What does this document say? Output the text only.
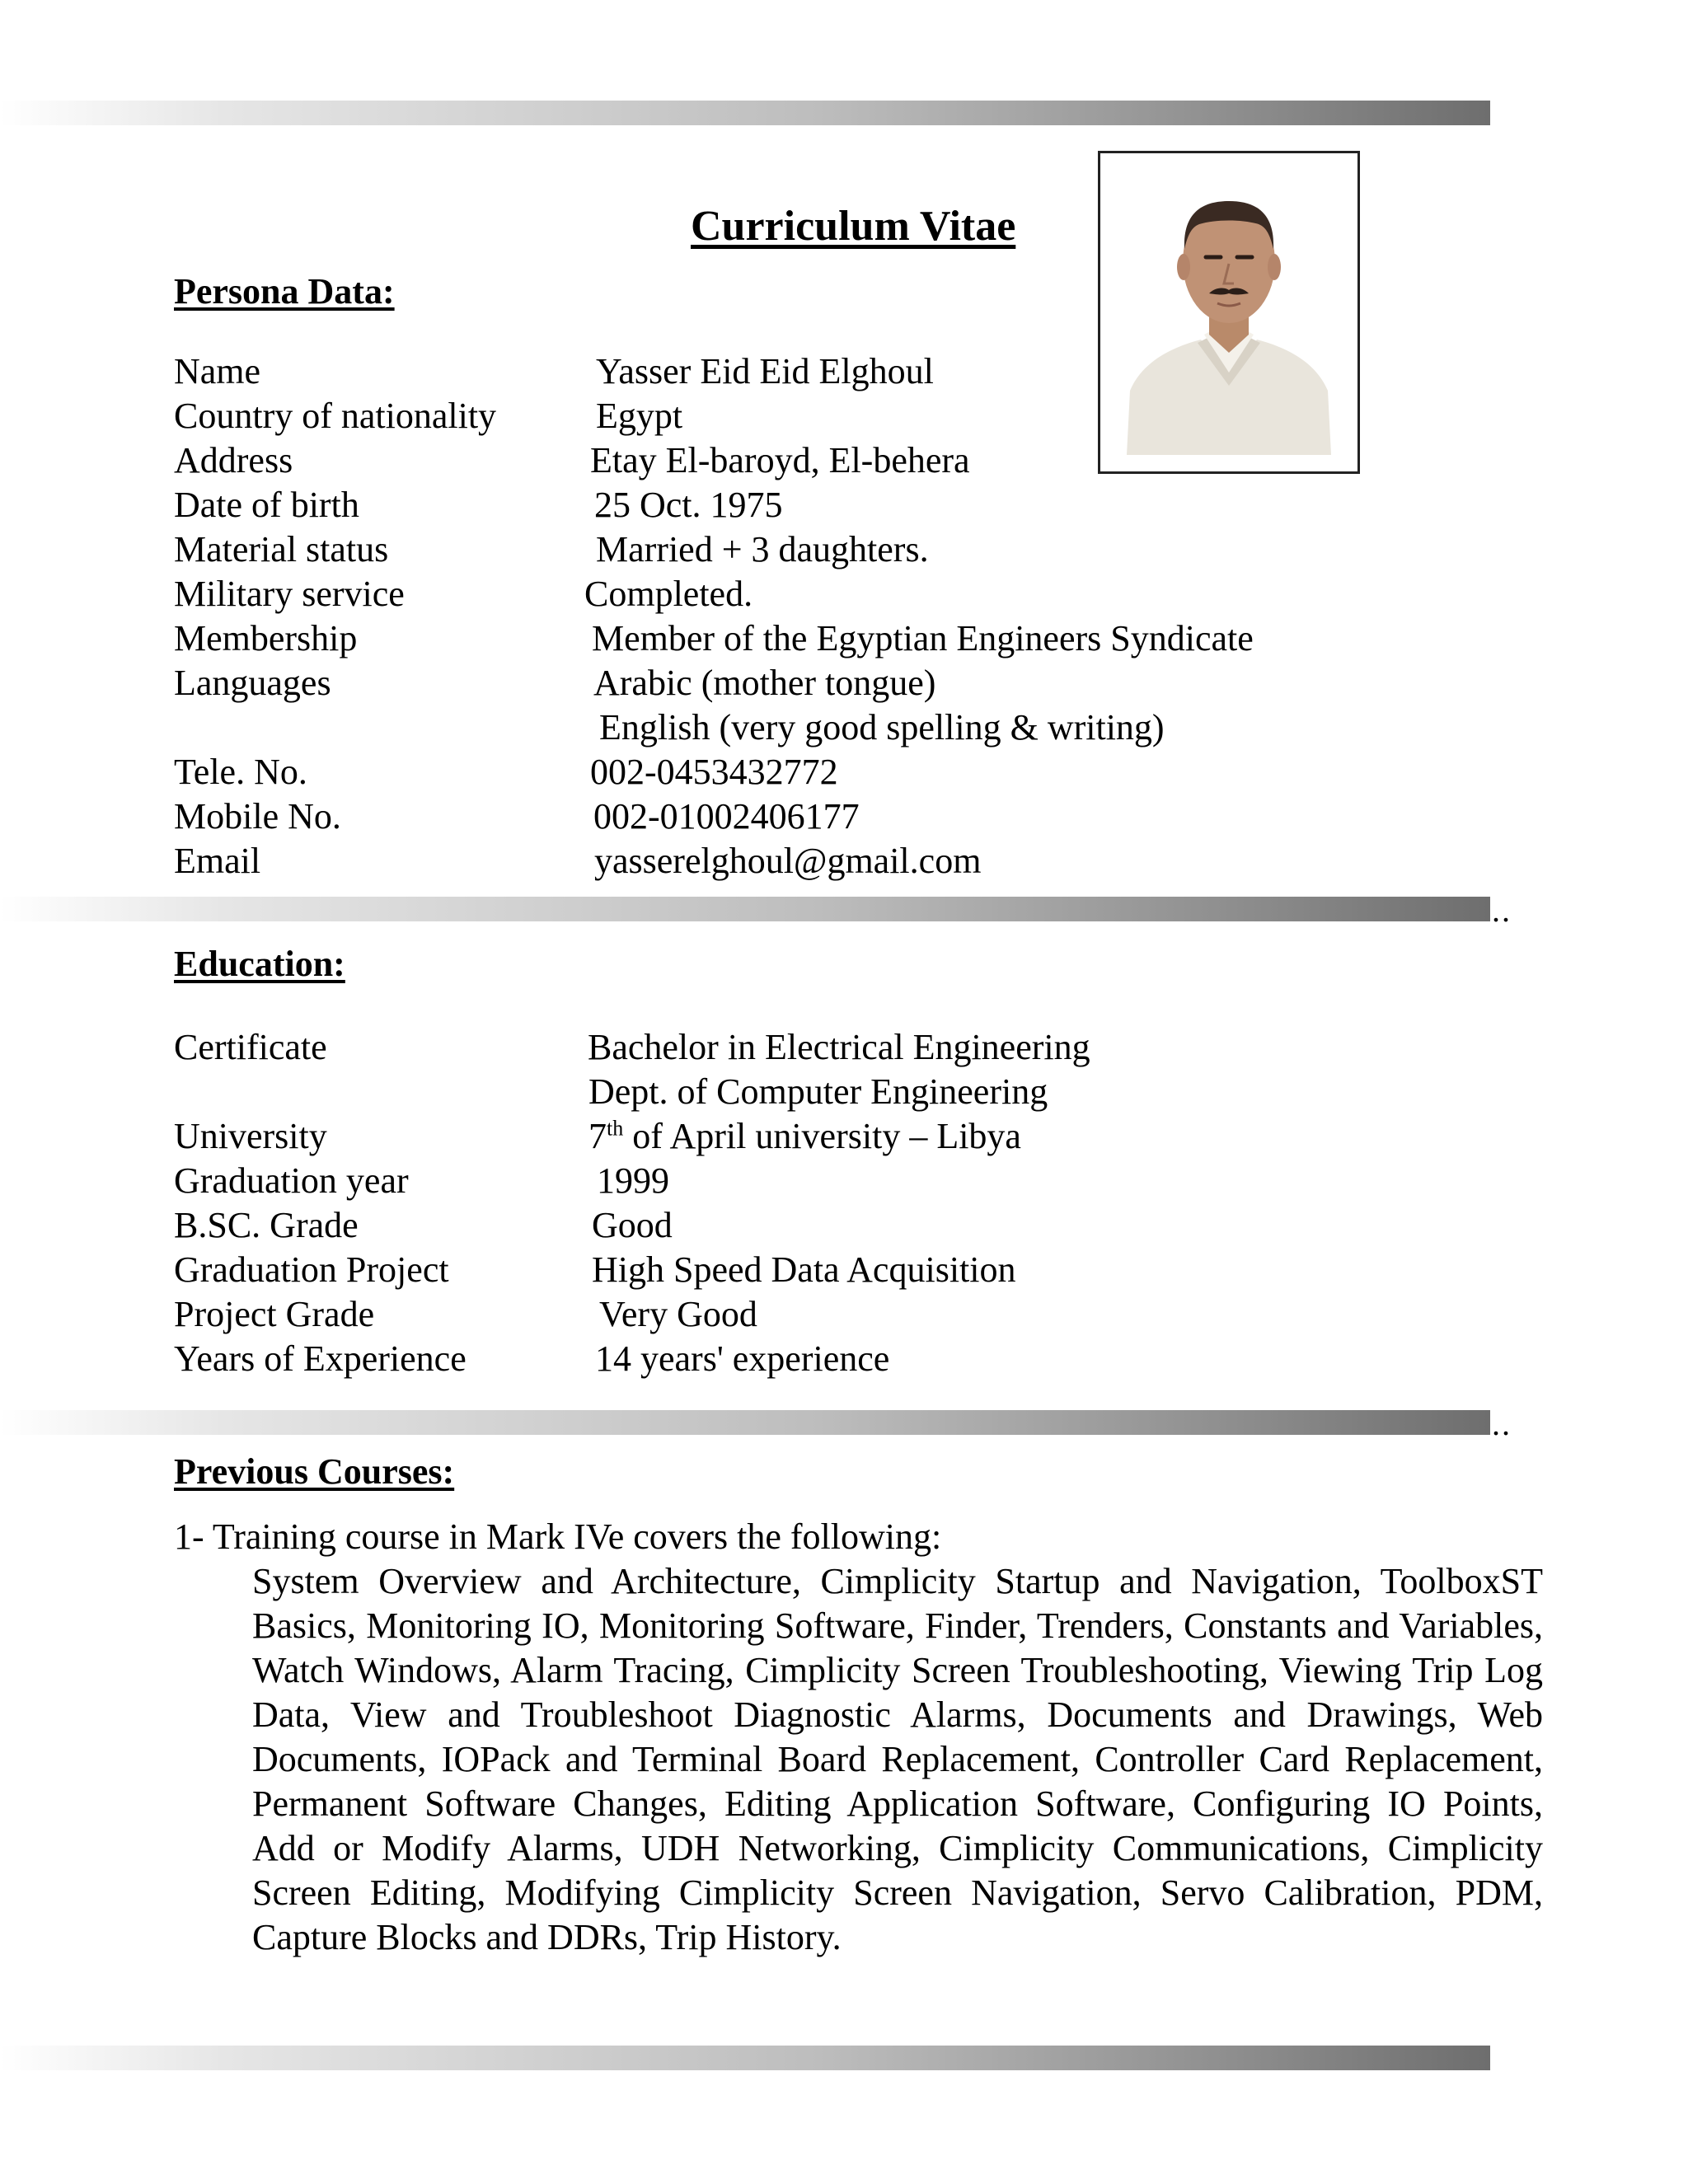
..
..
Curriculum Vitae
Persona Data:
Name	Yasser Eid Eid Elghoul
Country of nationality	Egypt
Address	Etay El-baroyd, El-behera
Date of birth	25 Oct. 1975
Material status	Married + 3 daughters.
Military service	Completed.
Membership	Member of the Egyptian Engineers Syndicate
Languages	Arabic (mother tongue)
English (very good spelling & writing)
Tele. No.	002-0453432772
Mobile No.	002-01002406177
Email	yasserelghoul@gmail.com
Education:
Certificate	Bachelor in Electrical Engineering
Dept. of Computer Engineering
University	7th of April university – Libya
Graduation year	1999
B.SC. Grade	Good
Graduation Project	High Speed Data Acquisition
Project Grade	Very Good
Years of Experience	14 years' experience
Previous Courses:
1- Training course in Mark IVe covers the following:
System Overview and Architecture, Cimplicity Startup and Navigation, ToolboxST Basics, Monitoring IO, Monitoring Software, Finder, Trenders, Constants and Variables, Watch Windows, Alarm Tracing, Cimplicity Screen Troubleshooting, Viewing Trip Log Data, View and Troubleshoot Diagnostic Alarms, Documents and Drawings, Web Documents, IOPack and Terminal Board Replacement, Controller Card Replacement, Permanent Software Changes, Editing Application Software, Configuring IO Points, Add or Modify Alarms, UDH Networking, Cimplicity Communications, Cimplicity Screen Editing, Modifying Cimplicity Screen Navigation, Servo Calibration, PDM, Capture Blocks and DDRs, Trip History.
